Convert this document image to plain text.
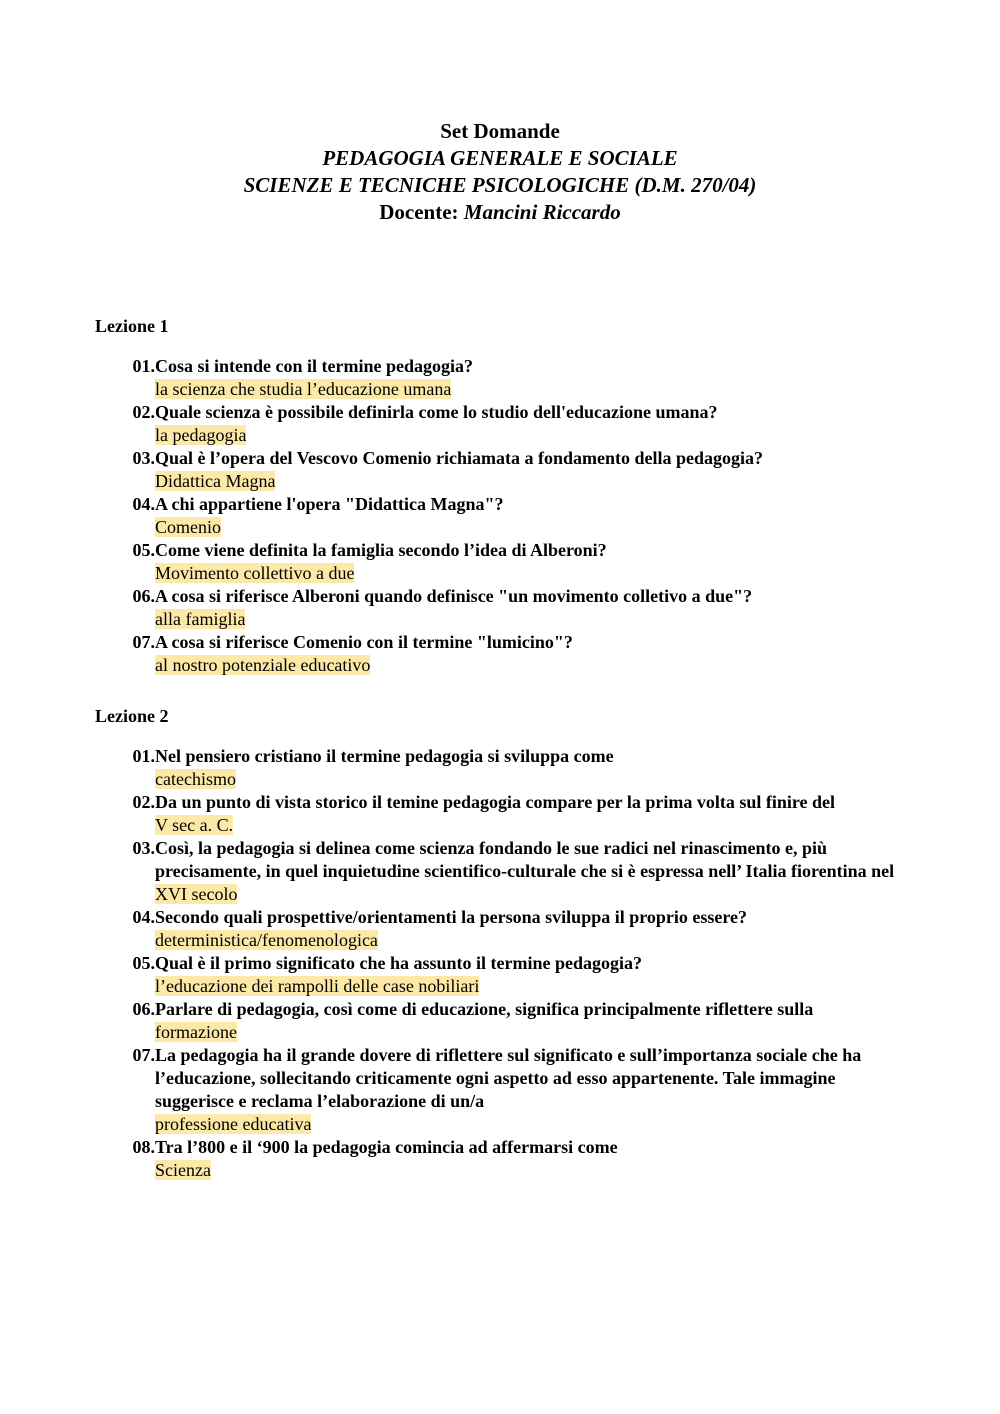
Set Domande
PEDAGOGIA GENERALE E SOCIALE
SCIENZE E TECNICHE PSICOLOGICHE (D.M. 270/04)
Docente: Mancini Riccardo
Lezione 1
01. Cosa si intende con il termine pedagogia?
la scienza che studia l’educazione umana
02. Quale scienza è possibile definirla come lo studio dell'educazione umana?
la pedagogia
03. Qual è l’opera del Vescovo Comenio richiamata a fondamento della pedagogia?
Didattica Magna
04. A chi appartiene l'opera "Didattica Magna"?
Comenio
05. Come viene definita la famiglia secondo l’idea di Alberoni?
Movimento collettivo a due
06. A cosa si riferisce Alberoni quando definisce "un movimento colletivo a due"?
alla famiglia
07. A cosa si riferisce Comenio con il termine "lumicino"?
al nostro potenziale educativo
Lezione 2
01. Nel pensiero cristiano il termine pedagogia si sviluppa come
catechismo
02. Da un punto di vista storico il temine pedagogia compare per la prima volta sul finire del
V sec a. C.
03. Così, la pedagogia si delinea come scienza fondando le sue radici nel rinascimento e, più precisamente, in quel inquietudine scientifico-culturale che si è espressa nell’ Italia fiorentina nel
XVI secolo
04. Secondo quali prospettive/orientamenti la persona sviluppa il proprio essere?
deterministica/fenomenologica
05. Qual è il primo significato che ha assunto il termine pedagogia?
l’educazione dei rampolli delle case nobiliari
06. Parlare di pedagogia, così come di educazione, significa principalmente riflettere sulla
formazione
07. La pedagogia ha il grande dovere di riflettere sul significato e sull’importanza sociale che ha l’educazione, sollecitando criticamente ogni aspetto ad esso appartenente. Tale immagine suggerisce e reclama l’elaborazione di un/a
professione educativa
08. Tra l’800 e il ‘900 la pedagogia comincia ad affermarsi come
Scienza
